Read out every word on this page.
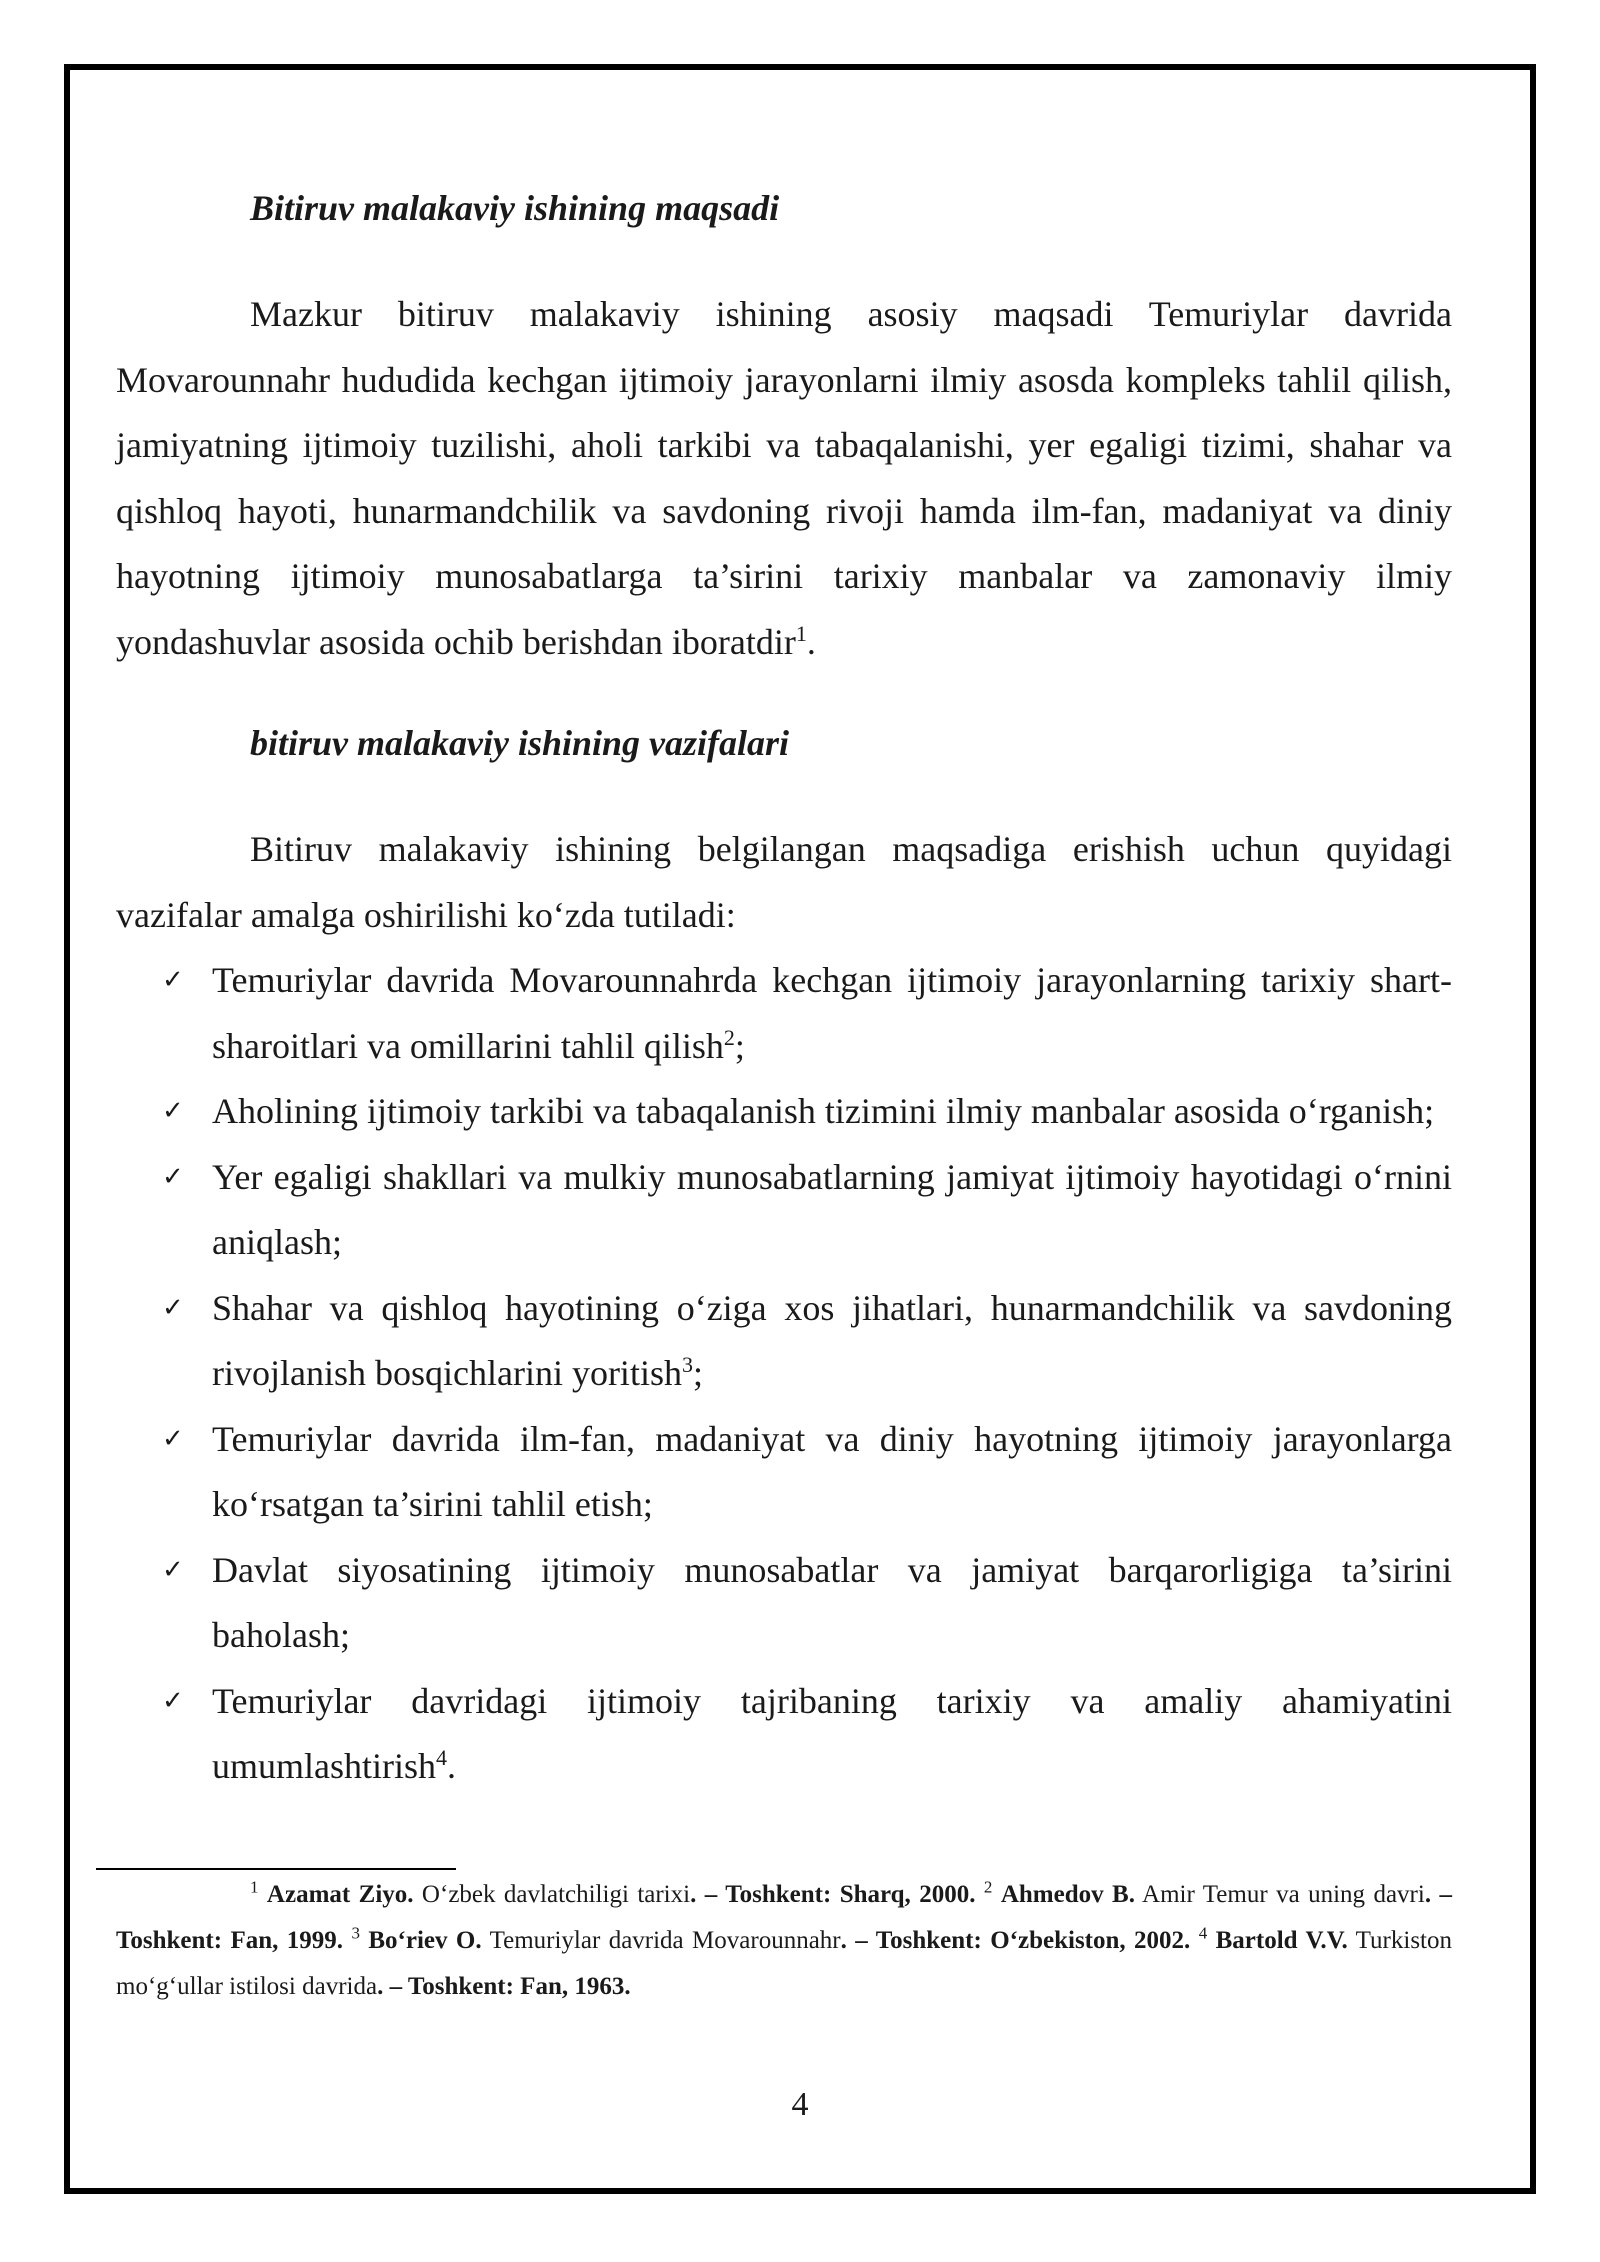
Bitiruv malakaviy ishining maqsadi

Mazkur bitiruv malakaviy ishining asosiy maqsadi Temuriylar davrida Movarounnahr hududida kechgan ijtimoiy jarayonlarni ilmiy asosda kompleks tahlil qilish, jamiyatning ijtimoiy tuzilishi, aholi tarkibi va tabaqalanishi, yer egaligi tizimi, shahar va qishloq hayoti, hunarmandchilik va savdoning rivoji hamda ilm-fan, madaniyat va diniy hayotning ijtimoiy munosabatlarga ta’sirini tarixiy manbalar va zamonaviy ilmiy yondashuvlar asosida ochib berishdan iboratdir$^1$.

bitiruv malakaviy ishining vazifalari

Bitiruv malakaviy ishining belgilangan maqsadiga erishish uchun quyidagi vazifalar amalga oshirilishi ko‘zda tutiladi:

✓ Temuriylar davrida Movarounnahrda kechgan ijtimoiy jarayonlarning tarixiy shart-sharoitlari va omillarini tahlil qilish$^2$;
✓ Aholining ijtimoiy tarkibi va tabaqalanish tizimini ilmiy manbalar asosida o‘rganish;
✓ Yer egaligi shakllari va mulkiy munosabatlarning jamiyat ijtimoiy hayotidagi o‘rnini aniqlash;
✓ Shahar va qishloq hayotining o‘ziga xos jihatlari, hunarmandchilik va savdoning rivojlanish bosqichlarini yoritish$^3$;
✓ Temuriylar davrida ilm-fan, madaniyat va diniy hayotning ijtimoiy jarayonlarga ko‘rsatgan ta’sirini tahlil etish;
✓ Davlat siyosatining ijtimoiy munosabatlar va jamiyat barqarorligiga ta’sirini baholash;
✓ Temuriylar davridagi ijtimoiy tajribaning tarixiy va amaliy ahamiyatini umumlashtirish$^4$.

$^1$ Azamat Ziyo. O‘zbek davlatchiligi tarixi. – Toshkent: Sharq, 2000. $^2$ Ahmedov B. Amir Temur va uning davri. – Toshkent: Fan, 1999. $^3$ Bo‘riev O. Temuriylar davrida Movarounnahr. – Toshkent: O‘zbekiston, 2002. $^4$ Bartold V.V. Turkiston mo‘g‘ullar istilosi davrida. – Toshkent: Fan, 1963.

4
